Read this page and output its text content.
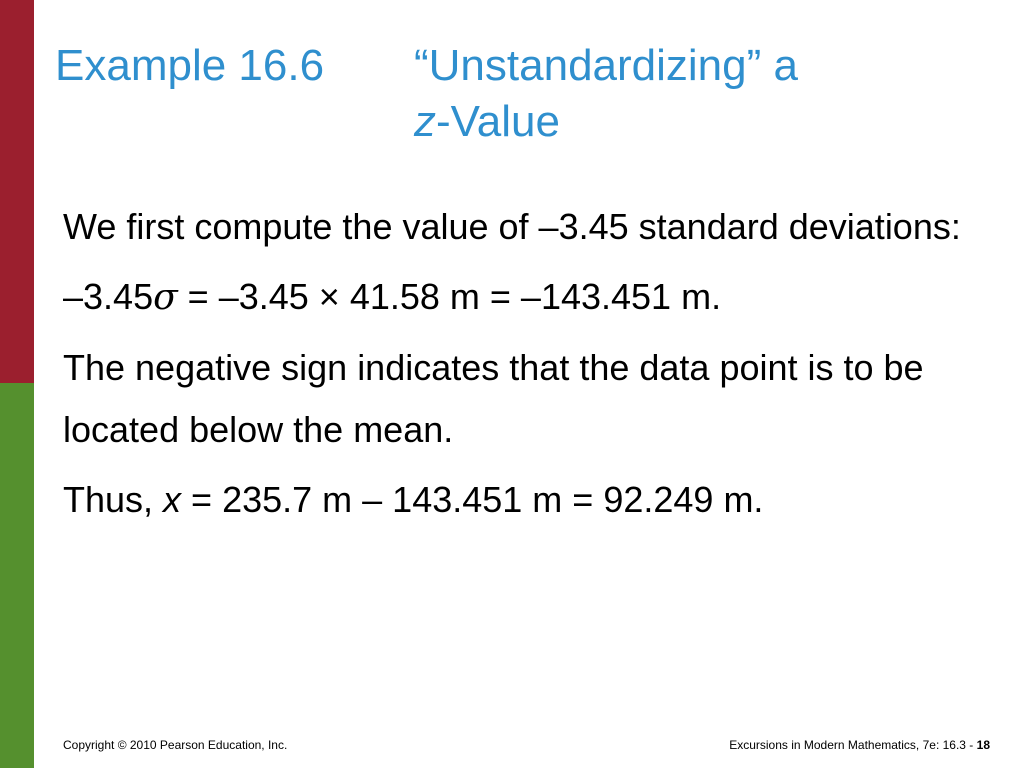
Example 16.6 “Unstandardizing” a
z-Value

We first compute the value of –3.45 standard deviations:

–3.45σ = –3.45 × 41.58 m = –143.451 m.

The negative sign indicates that the data point is to be located below the mean.

Thus, x = 235.7 m – 143.451 m = 92.249 m.

Copyright © 2010 Pearson Education, Inc.	Excursions in Modern Mathematics, 7e: 16.3 - 18
